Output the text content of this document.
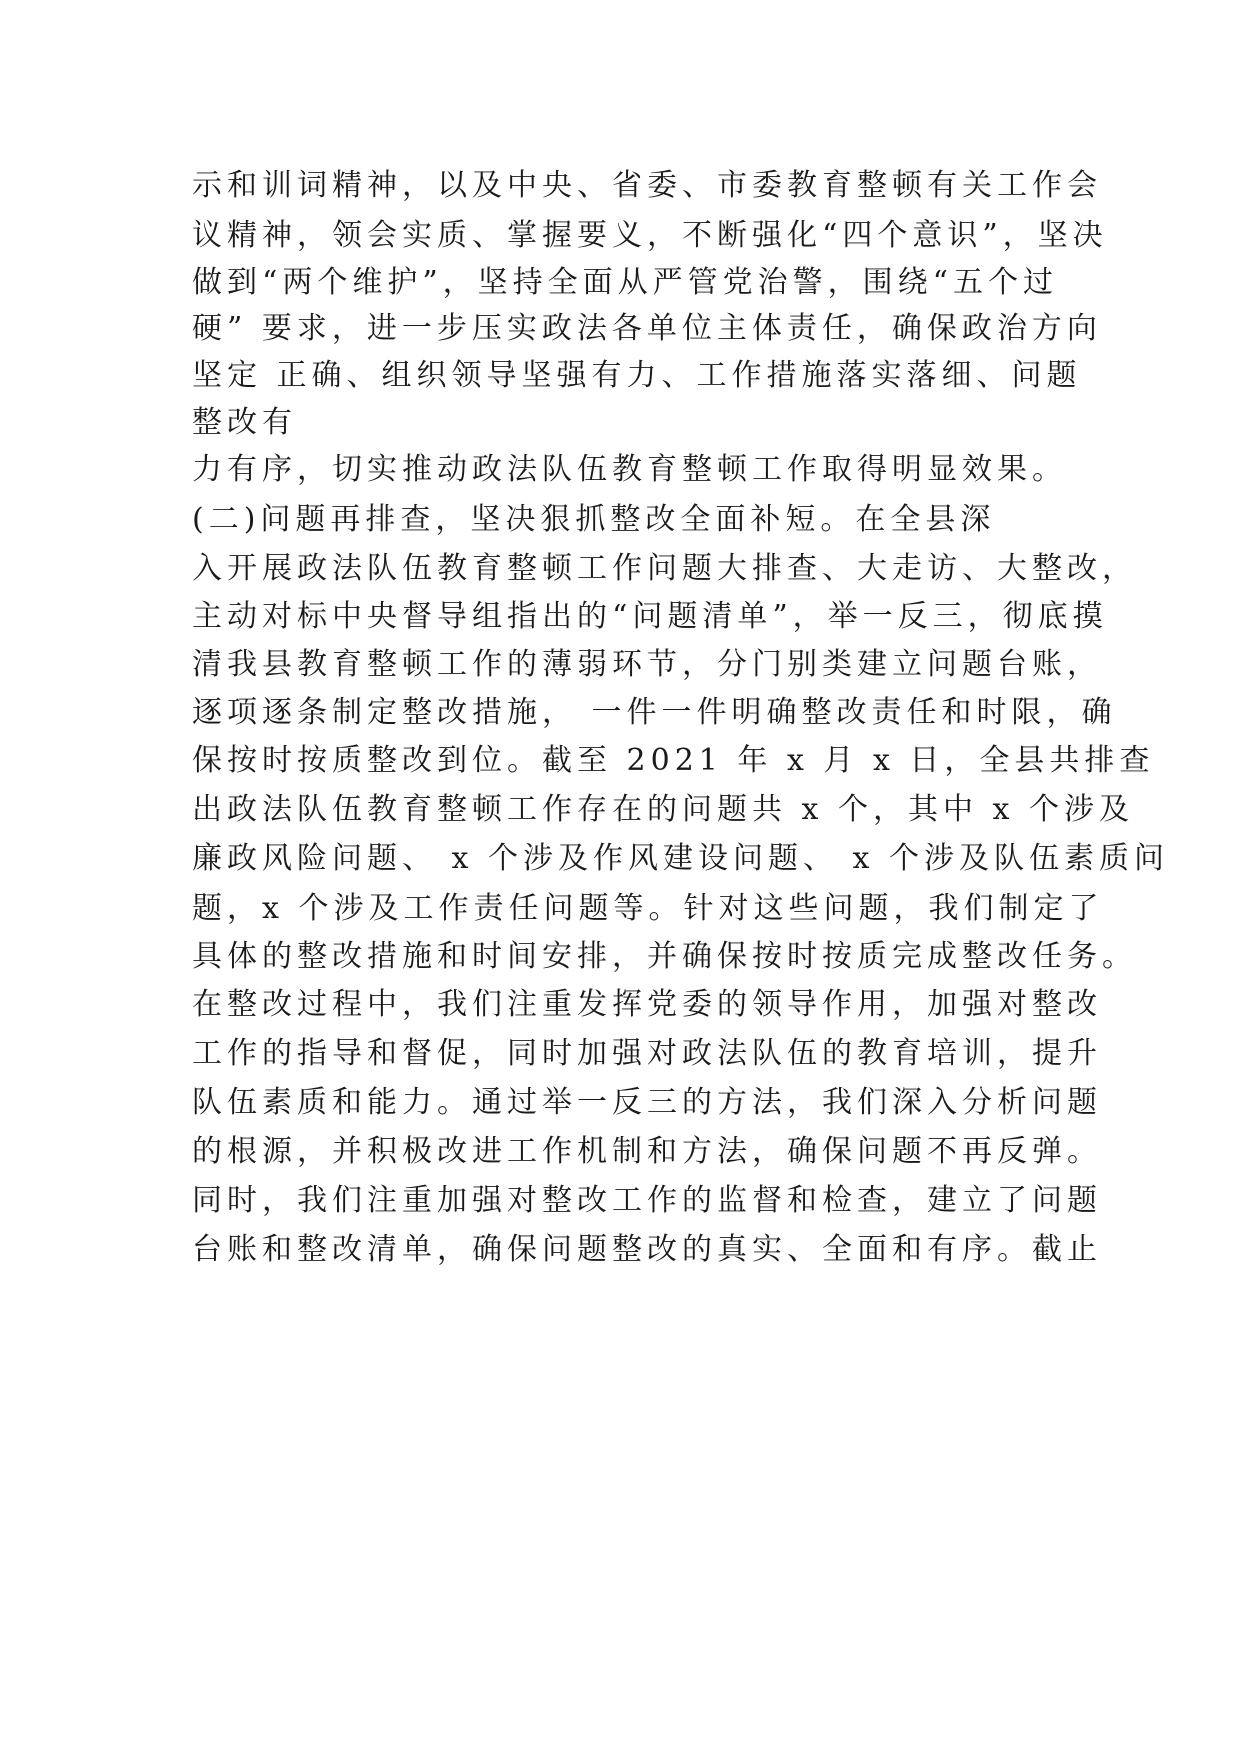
示和训词精神，以及中央、省委、市委教育整顿有关工作会
议精神，领会实质、掌握要义，不断强化“四个意识”，坚决
做到“两个维护”，坚持全面从严管党治警，围绕“五个过
硬” 要求，进一步压实政法各单位主体责任，确保政治方向
坚定 正确、组织领导坚强有力、工作措施落实落细、问题
整改有
力有序，切实推动政法队伍教育整顿工作取得明显效果。
(二)问题再排查，坚决狠抓整改全面补短。在全县深
入开展政法队伍教育整顿工作问题大排查、大走访、大整改，
主动对标中央督导组指出的“问题清单”，举一反三，彻底摸
清我县教育整顿工作的薄弱环节，分门别类建立问题台账，
逐项逐条制定整改措施， 一件一件明确整改责任和时限，确
保按时按质整改到位。截至 2021 年 x 月 x 日，全县共排查
出政法队伍教育整顿工作存在的问题共 x 个，其中 x 个涉及
廉政风险问题、 x 个涉及作风建设问题、 x 个涉及队伍素质问
题，x 个涉及工作责任问题等。针对这些问题，我们制定了
具体的整改措施和时间安排，并确保按时按质完成整改任务。
在整改过程中，我们注重发挥党委的领导作用，加强对整改
工作的指导和督促，同时加强对政法队伍的教育培训，提升
队伍素质和能力。通过举一反三的方法，我们深入分析问题
的根源，并积极改进工作机制和方法，确保问题不再反弹。
同时，我们注重加强对整改工作的监督和检查，建立了问题
台账和整改清单，确保问题整改的真实、全面和有序。截止
